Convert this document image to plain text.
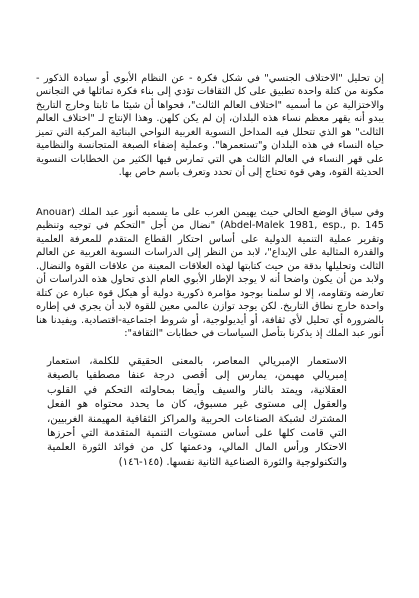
إن تحليل "الاختلاف الجنسي" في شكل فكرة - عن النظام الأبوي أو سيادة الذكور - مكونة من كتلة واحدة تطبيق على كل الثقافات تؤدي إلى بناء فكرة تماثلها في التجانس والاختزالية عن ما أسميه "اختلاف العالم الثالث"، فحواها أن شيئا ما ثابتا وخارج التاريخ يبدو أنه يقهر معظم نساء هذه البلدان، إن لم يكن كلهن. وهذا الإنتاج لـ "اختلاف العالم الثالث" هو الذي تتحلل فيه المداخل النسوية الغربية النواحي البنائية المركبة التي تميز حياة النساء في هذه البلدان و"تستعمرها". وعملية إضفاء الصبغة المتجانسة والنظامية على قهر النساء في العالم الثالث هي التي تمارس فيها الكثير من الخطابات النسوية الحديثة القوة، وهي قوة تحتاج إلى أن تحدد وتعرف باسم خاص بها.

وفي سياق الوضع الحالي حيث يهيمن الغرب على ما يسميه أنور عبد الملك (Anouar Abdel-Malek 1981, esp., p. 145) "نضال من أجل "التحكم في توجيه وتنظيم وتقرير عملية التنمية الدولية على أساس احتكار القطاع المتقدم للمعرفة العلمية والقدرة المثالية على الإبداع"، لابد من النظر إلى الدراسات النسوية الغربية عن العالم الثالث وتحليلها بدقة من حيث كتابتها لهذه العلاقات المعينة من علاقات القوة والنضال. ولابد من أن يكون واضحا أنه لا يوجد الإطار الأبوي العام الذي تحاول هذه الدراسات أن تعارضه وتقاومه، إلا لو سلمنا بوجود مؤامرة ذكورية دولية أو هيكل قوة عبارة عن كتلة واحدة خارج نطاق التاريخ. لكن يوجد توازن عالمي معين للقوة لابد أن يجري في إطاره بالضرورة أي تحليل لأي ثقافة، أو أيديولوجية، أو شروط اجتماعية-اقتصادية. ويفيدنا هنا أنور عبد الملك إذ يذكرنا بتأصل السياسات في خطابات "الثقافة":

الاستعمار الإمبريالي المعاصر، بالمعنى الحقيقي للكلمة، استعمار إمبريالي مهيمن، يمارس إلى أقصى درجة عنفا مصطفيا بالصيغة العقلانية، ويمتد بالنار والسيف وأيضا بمحاولته التحكم في القلوب والعقول إلى مستوى غير مسبوق، كان ما يحدد محتواه هو الفعل المشترك لشبكة الصناعات الحربية والمراكز الثقافية المهيمنة الغربيين، التي قامت كلها على أساس مستويات التنمية المتقدمة التي أحرزها الاحتكار ورأس المال المالي، ودعمتها كل من فوائد الثورة العلمية والتكنولوجية والثورة الصناعية الثانية نفسها. (١٤٥-١٤٦)
